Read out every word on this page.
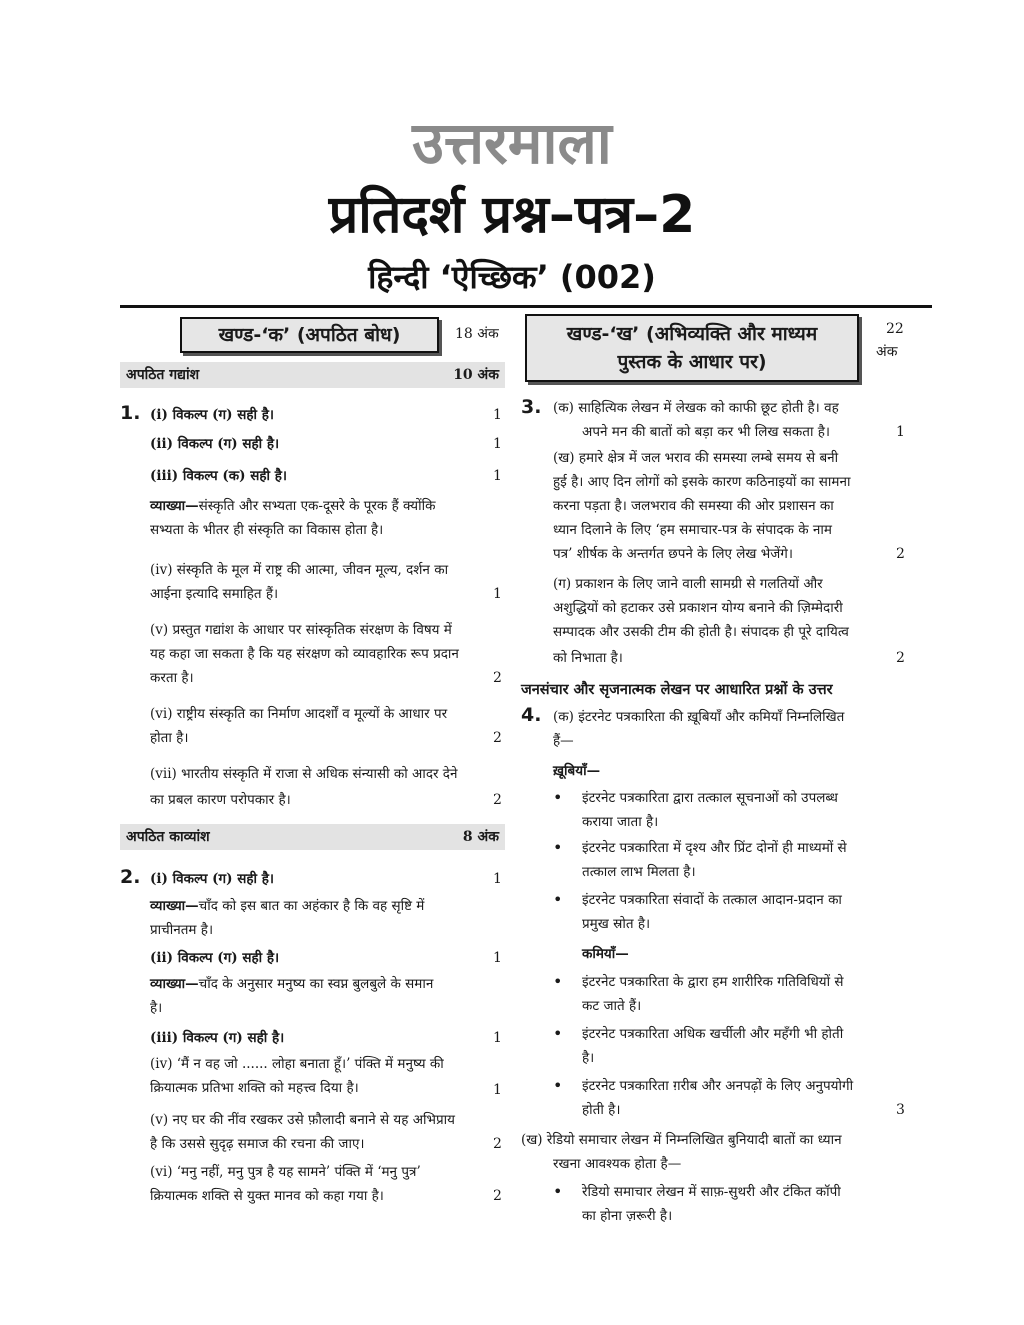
उत्तरमाला
प्रतिदर्श प्रश्न–पत्र–2
हिन्दी ‘ऐच्छिक’ (002)
खण्ड-‘क’ (अपठित बोध)	18 अंक
अपठित गद्यांश	10 अंक
1. (i) विकल्प (ग) सही है।	1
(ii) विकल्प (ग) सही है।	1
(iii) विकल्प (क) सही है।	1
व्याख्या—संस्कृति और सभ्यता एक-दूसरे के पूरक हैं क्योंकि
सभ्यता के भीतर ही संस्कृति का विकास होता है।
(iv) संस्कृति के मूल में राष्ट्र की आत्मा, जीवन मूल्य, दर्शन का
आईना इत्यादि समाहित हैं।	1
(v) प्रस्तुत गद्यांश के आधार पर सांस्कृतिक संरक्षण के विषय में
यह कहा जा सकता है कि यह संरक्षण को व्यावहारिक रूप प्रदान
करता है।	2
(vi) राष्ट्रीय संस्कृति का निर्माण आदर्शों व मूल्यों के आधार पर
होता है।	2
(vii) भारतीय संस्कृति में राजा से अधिक संन्यासी को आदर देने
का प्रबल कारण परोपकार है।	2
अपठित काव्यांश	8 अंक
2. (i) विकल्प (ग) सही है।	1
व्याख्या—चाँद को इस बात का अहंकार है कि वह सृष्टि में
प्राचीनतम है।
(ii) विकल्प (ग) सही है।	1
व्याख्या—चाँद के अनुसार मनुष्य का स्वप्न बुलबुले के समान
है।
(iii) विकल्प (ग) सही है।	1
(iv) ‘मैं न वह जो ...... लोहा बनाता हूँ।’ पंक्ति में मनुष्य की
क्रियात्मक प्रतिभा शक्ति को महत्त्व दिया है।	1
(v) नए घर की नींव रखकर उसे फ़ौलादी बनाने से यह अभिप्राय
है कि उससे सुदृढ़ समाज की रचना की जाए।	2
(vi) ‘मनु नहीं, मनु पुत्र है यह सामने’ पंक्ति में ‘मनु पुत्र’
क्रियात्मक शक्ति से युक्त मानव को कहा गया है।	2
खण्ड-‘ख’ (अभिव्यक्ति और माध्यम
पुस्तक के आधार पर)
22
अंक
3. (क) साहित्यिक लेखन में लेखक को काफी छूट होती है। वह
अपने मन की बातों को बड़ा कर भी लिख सकता है।	1
(ख) हमारे क्षेत्र में जल भराव की समस्या लम्बे समय से बनी
हुई है। आए दिन लोगों को इसके कारण कठिनाइयों का सामना
करना पड़ता है। जलभराव की समस्या की ओर प्रशासन का
ध्यान दिलाने के लिए ‘हम समाचार-पत्र के संपादक के नाम
पत्र’ शीर्षक के अन्तर्गत छपने के लिए लेख भेजेंगे।	2
(ग) प्रकाशन के लिए जाने वाली सामग्री से गलतियों और
अशुद्धियों को हटाकर उसे प्रकाशन योग्य बनाने की ज़िम्मेदारी
सम्पादक और उसकी टीम की होती है। संपादक ही पूरे दायित्व
को निभाता है।	2
जनसंचार और सृजनात्मक लेखन पर आधारित प्रश्नों के उत्तर
4. (क) इंटरनेट पत्रकारिता की ख़ूबियाँ और कमियाँ निम्नलिखित
हैं—
ख़ूबियाँ—
• इंटरनेट पत्रकारिता द्वारा तत्काल सूचनाओं को उपलब्ध
कराया जाता है।
• इंटरनेट पत्रकारिता में दृश्य और प्रिंट दोनों ही माध्यमों से
तत्काल लाभ मिलता है।
• इंटरनेट पत्रकारिता संवादों के तत्काल आदान-प्रदान का
प्रमुख स्रोत है।
कमियाँ—
• इंटरनेट पत्रकारिता के द्वारा हम शारीरिक गतिविधियों से
कट जाते हैं।
• इंटरनेट पत्रकारिता अधिक खर्चीली और महँगी भी होती
है।
• इंटरनेट पत्रकारिता ग़रीब और अनपढ़ों के लिए अनुपयोगी
होती है।	3
(ख) रेडियो समाचार लेखन में निम्नलिखित बुनियादी बातों का ध्यान
रखना आवश्यक होता है—
• रेडियो समाचार लेखन में साफ़-सुथरी और टंकित कॉपी
का होना ज़रूरी है।
